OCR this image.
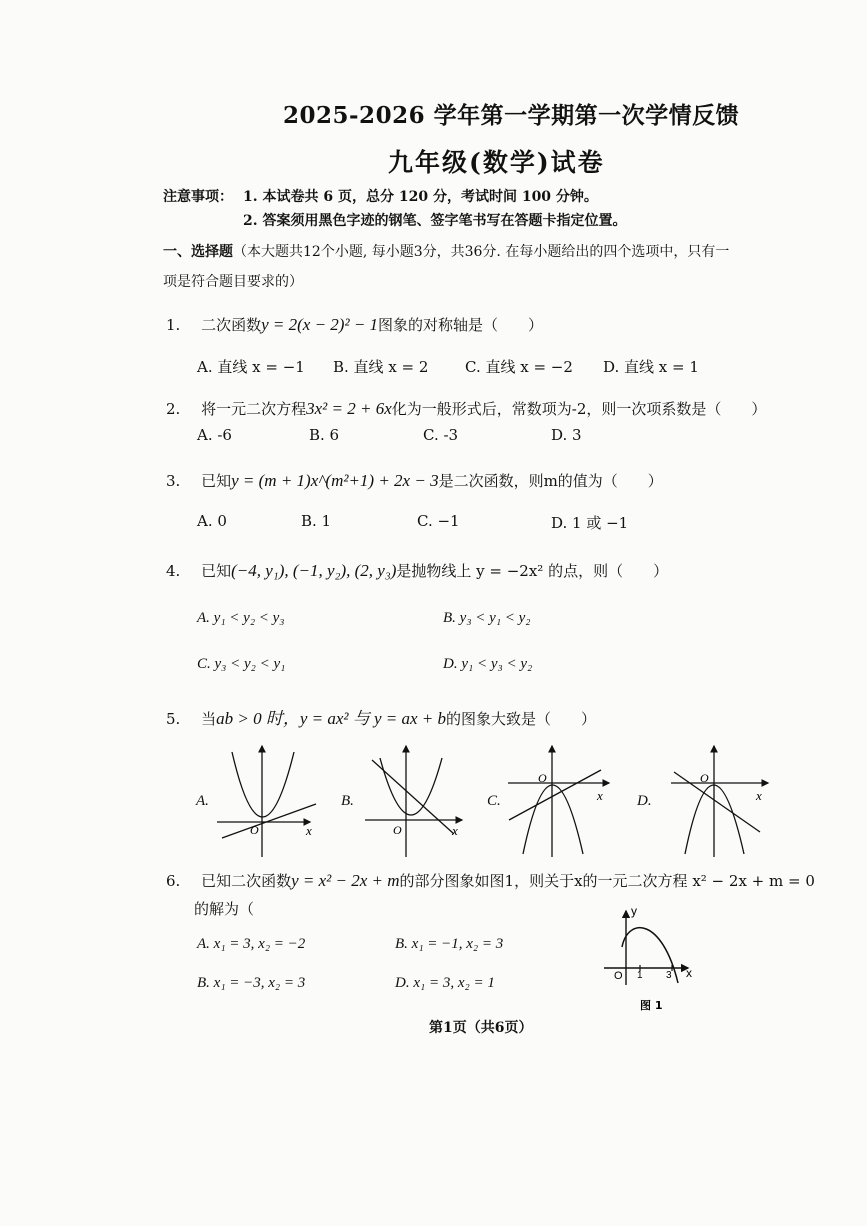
2025-2026 学年第一学期第一次学情反馈
九年级(数学)试卷
注意事项： 1. 本试卷共 6 页，总分 120 分，考试时间 100 分钟。
2. 答案须用黑色字迹的钢笔、签字笔书写在答题卡指定位置。
一、选择题（本大题共12个小题, 每小题3分，共36分. 在每小题给出的四个选项中，只有一
项是符合题目要求的）
1. 二次函数y = 2(x − 2)² − 1图象的对称轴是（　　）
A. 直线 x = −1 B. 直线 x = 2 C. 直线 x = −2 D. 直线 x = 1
2. 将一元二次方程3x² = 2 + 6x化为一般形式后，常数项为-2，则一次项系数是（　　）
A. -6	B. 6	C. -3	D. 3
3. 已知y = (m + 1)x^(m²+1) + 2x − 3是二次函数，则m的值为（　　）
A. 0	B. 1	C. −1	D. 1 或 −1
4. 已知(−4, y₁), (−1, y₂), (2, y₃)是抛物线上 y = −2x² 的点，则（　　）
A. y₁ < y₂ < y₃	B. y₃ < y₁ < y₂
C. y₃ < y₂ < y₁	D. y₁ < y₃ < y₂
5. 当ab > 0 时，y = ax² 与 y = ax + b的图象大致是（　　）
A.	B.	C.	D.
O	x	O	x
O
x
O
x
6. 已知二次函数y = x² − 2x + m的部分图象如图1，则关于x的一元二次方程 x² − 2x + m = 0
的解为（
A. x₁ = 3, x₂ = −2	B. x₁ = −1, x₂ = 3
B. x₁ = −3, x₂ = 3	D. x₁ = 3, x₂ = 1
y
O 1 3 x
图 1
第1页（共6页）
